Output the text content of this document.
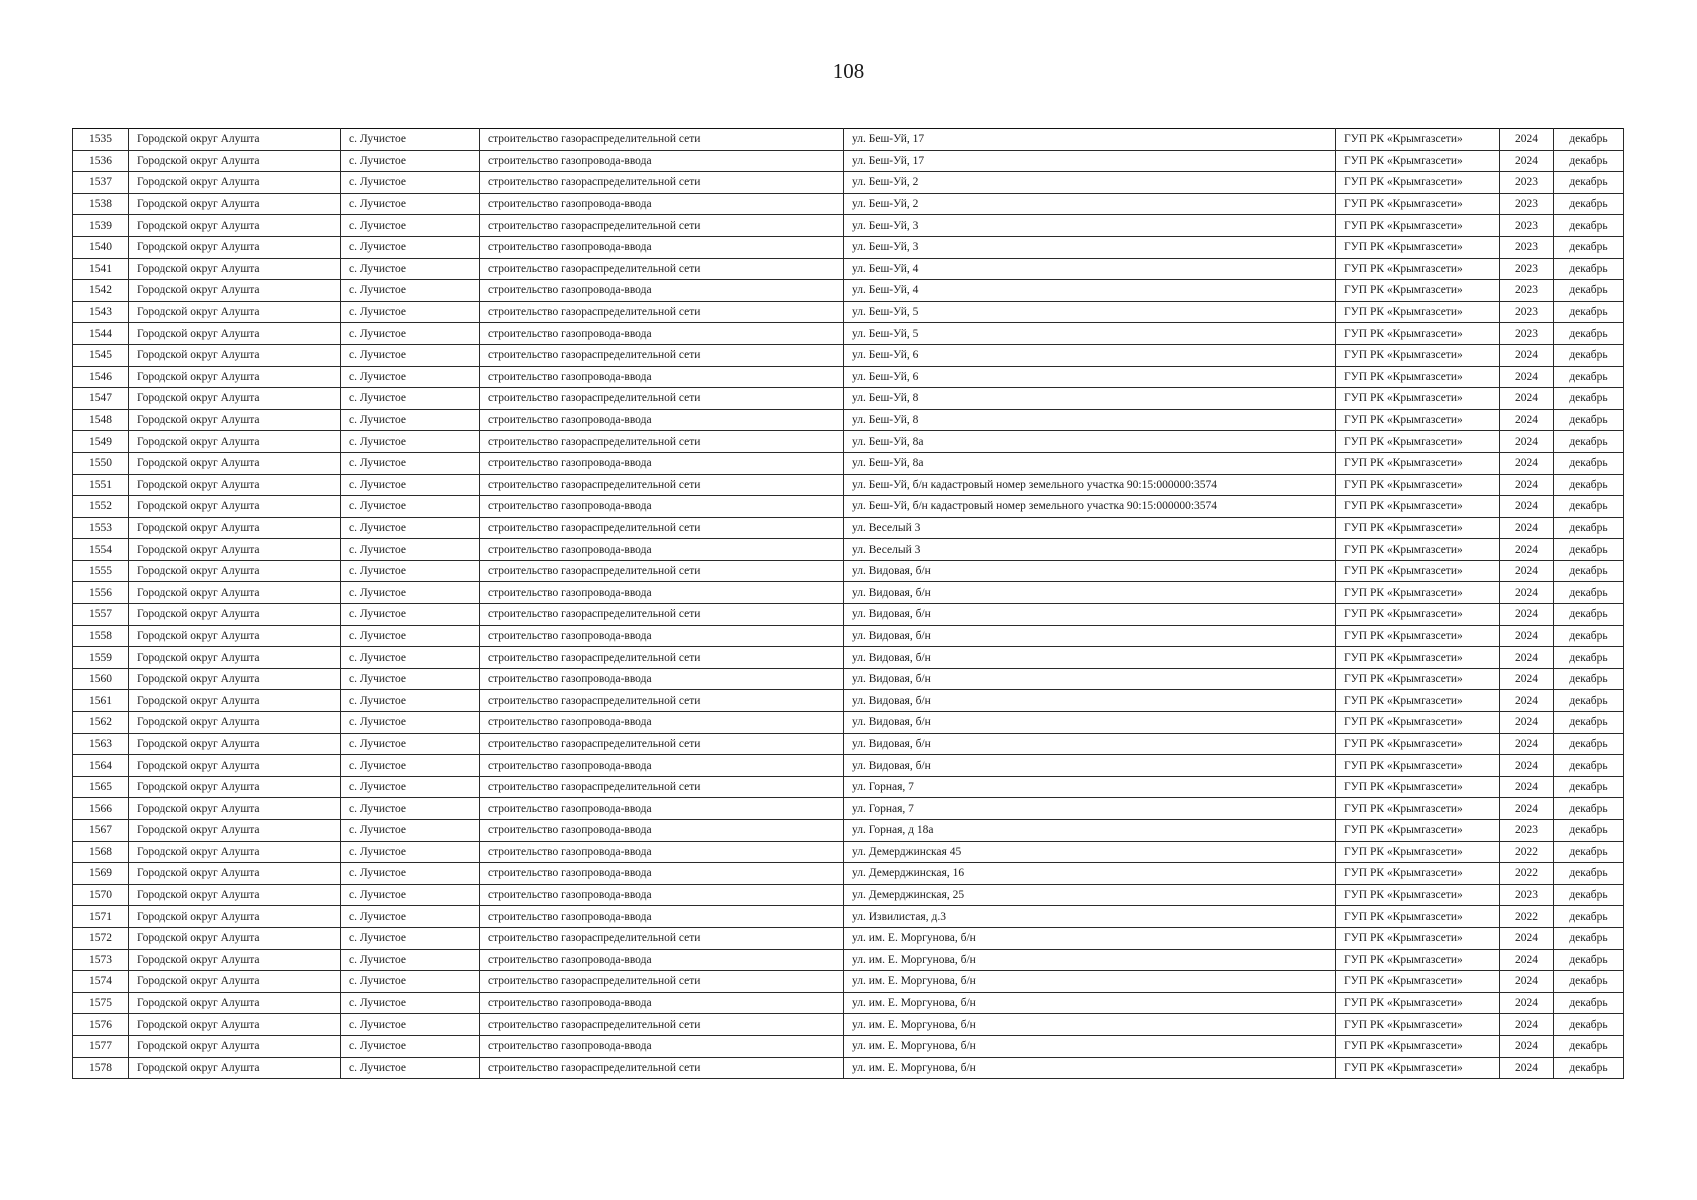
108
1535	Городской округ Алушта	с. Лучистое	строительство газораспределительной сети	ул. Беш-Уй, 17	ГУП РК «Крымгазсети»	2024	декабрь
1536	Городской округ Алушта	с. Лучистое	строительство газопровода-ввода	ул. Беш-Уй, 17	ГУП РК «Крымгазсети»	2024	декабрь
1537	Городской округ Алушта	с. Лучистое	строительство газораспределительной сети	ул. Беш-Уй, 2	ГУП РК «Крымгазсети»	2023	декабрь
1538	Городской округ Алушта	с. Лучистое	строительство газопровода-ввода	ул. Беш-Уй, 2	ГУП РК «Крымгазсети»	2023	декабрь
1539	Городской округ Алушта	с. Лучистое	строительство газораспределительной сети	ул. Беш-Уй, 3	ГУП РК «Крымгазсети»	2023	декабрь
1540	Городской округ Алушта	с. Лучистое	строительство газопровода-ввода	ул. Беш-Уй, 3	ГУП РК «Крымгазсети»	2023	декабрь
1541	Городской округ Алушта	с. Лучистое	строительство газораспределительной сети	ул. Беш-Уй, 4	ГУП РК «Крымгазсети»	2023	декабрь
1542	Городской округ Алушта	с. Лучистое	строительство газопровода-ввода	ул. Беш-Уй, 4	ГУП РК «Крымгазсети»	2023	декабрь
1543	Городской округ Алушта	с. Лучистое	строительство газораспределительной сети	ул. Беш-Уй, 5	ГУП РК «Крымгазсети»	2023	декабрь
1544	Городской округ Алушта	с. Лучистое	строительство газопровода-ввода	ул. Беш-Уй, 5	ГУП РК «Крымгазсети»	2023	декабрь
1545	Городской округ Алушта	с. Лучистое	строительство газораспределительной сети	ул. Беш-Уй, 6	ГУП РК «Крымгазсети»	2024	декабрь
1546	Городской округ Алушта	с. Лучистое	строительство газопровода-ввода	ул. Беш-Уй, 6	ГУП РК «Крымгазсети»	2024	декабрь
1547	Городской округ Алушта	с. Лучистое	строительство газораспределительной сети	ул. Беш-Уй, 8	ГУП РК «Крымгазсети»	2024	декабрь
1548	Городской округ Алушта	с. Лучистое	строительство газопровода-ввода	ул. Беш-Уй, 8	ГУП РК «Крымгазсети»	2024	декабрь
1549	Городской округ Алушта	с. Лучистое	строительство газораспределительной сети	ул. Беш-Уй, 8а	ГУП РК «Крымгазсети»	2024	декабрь
1550	Городской округ Алушта	с. Лучистое	строительство газопровода-ввода	ул. Беш-Уй, 8а	ГУП РК «Крымгазсети»	2024	декабрь
1551	Городской округ Алушта	с. Лучистое	строительство газораспределительной сети	ул. Беш-Уй, б/н кадастровый номер земельного участка 90:15:000000:3574	ГУП РК «Крымгазсети»	2024	декабрь
1552	Городской округ Алушта	с. Лучистое	строительство газопровода-ввода	ул. Беш-Уй, б/н кадастровый номер земельного участка 90:15:000000:3574	ГУП РК «Крымгазсети»	2024	декабрь
1553	Городской округ Алушта	с. Лучистое	строительство газораспределительной сети	ул. Веселый 3	ГУП РК «Крымгазсети»	2024	декабрь
1554	Городской округ Алушта	с. Лучистое	строительство газопровода-ввода	ул. Веселый 3	ГУП РК «Крымгазсети»	2024	декабрь
1555	Городской округ Алушта	с. Лучистое	строительство газораспределительной сети	ул. Видовая, б/н	ГУП РК «Крымгазсети»	2024	декабрь
1556	Городской округ Алушта	с. Лучистое	строительство газопровода-ввода	ул. Видовая, б/н	ГУП РК «Крымгазсети»	2024	декабрь
1557	Городской округ Алушта	с. Лучистое	строительство газораспределительной сети	ул. Видовая, б/н	ГУП РК «Крымгазсети»	2024	декабрь
1558	Городской округ Алушта	с. Лучистое	строительство газопровода-ввода	ул. Видовая, б/н	ГУП РК «Крымгазсети»	2024	декабрь
1559	Городской округ Алушта	с. Лучистое	строительство газораспределительной сети	ул. Видовая, б/н	ГУП РК «Крымгазсети»	2024	декабрь
1560	Городской округ Алушта	с. Лучистое	строительство газопровода-ввода	ул. Видовая, б/н	ГУП РК «Крымгазсети»	2024	декабрь
1561	Городской округ Алушта	с. Лучистое	строительство газораспределительной сети	ул. Видовая, б/н	ГУП РК «Крымгазсети»	2024	декабрь
1562	Городской округ Алушта	с. Лучистое	строительство газопровода-ввода	ул. Видовая, б/н	ГУП РК «Крымгазсети»	2024	декабрь
1563	Городской округ Алушта	с. Лучистое	строительство газораспределительной сети	ул. Видовая, б/н	ГУП РК «Крымгазсети»	2024	декабрь
1564	Городской округ Алушта	с. Лучистое	строительство газопровода-ввода	ул. Видовая, б/н	ГУП РК «Крымгазсети»	2024	декабрь
1565	Городской округ Алушта	с. Лучистое	строительство газораспределительной сети	ул. Горная, 7	ГУП РК «Крымгазсети»	2024	декабрь
1566	Городской округ Алушта	с. Лучистое	строительство газопровода-ввода	ул. Горная, 7	ГУП РК «Крымгазсети»	2024	декабрь
1567	Городской округ Алушта	с. Лучистое	строительство газопровода-ввода	ул. Горная, д 18а	ГУП РК «Крымгазсети»	2023	декабрь
1568	Городской округ Алушта	с. Лучистое	строительство газопровода-ввода	ул. Демерджинская 45	ГУП РК «Крымгазсети»	2022	декабрь
1569	Городской округ Алушта	с. Лучистое	строительство газопровода-ввода	ул. Демерджинская, 16	ГУП РК «Крымгазсети»	2022	декабрь
1570	Городской округ Алушта	с. Лучистое	строительство газопровода-ввода	ул. Демерджинская, 25	ГУП РК «Крымгазсети»	2023	декабрь
1571	Городской округ Алушта	с. Лучистое	строительство газопровода-ввода	ул. Извилистая, д.3	ГУП РК «Крымгазсети»	2022	декабрь
1572	Городской округ Алушта	с. Лучистое	строительство газораспределительной сети	ул. им. Е. Моргунова, б/н	ГУП РК «Крымгазсети»	2024	декабрь
1573	Городской округ Алушта	с. Лучистое	строительство газопровода-ввода	ул. им. Е. Моргунова, б/н	ГУП РК «Крымгазсети»	2024	декабрь
1574	Городской округ Алушта	с. Лучистое	строительство газораспределительной сети	ул. им. Е. Моргунова, б/н	ГУП РК «Крымгазсети»	2024	декабрь
1575	Городской округ Алушта	с. Лучистое	строительство газопровода-ввода	ул. им. Е. Моргунова, б/н	ГУП РК «Крымгазсети»	2024	декабрь
1576	Городской округ Алушта	с. Лучистое	строительство газораспределительной сети	ул. им. Е. Моргунова, б/н	ГУП РК «Крымгазсети»	2024	декабрь
1577	Городской округ Алушта	с. Лучистое	строительство газопровода-ввода	ул. им. Е. Моргунова, б/н	ГУП РК «Крымгазсети»	2024	декабрь
1578	Городской округ Алушта	с. Лучистое	строительство газораспределительной сети	ул. им. Е. Моргунова, б/н	ГУП РК «Крымгазсети»	2024	декабрь
